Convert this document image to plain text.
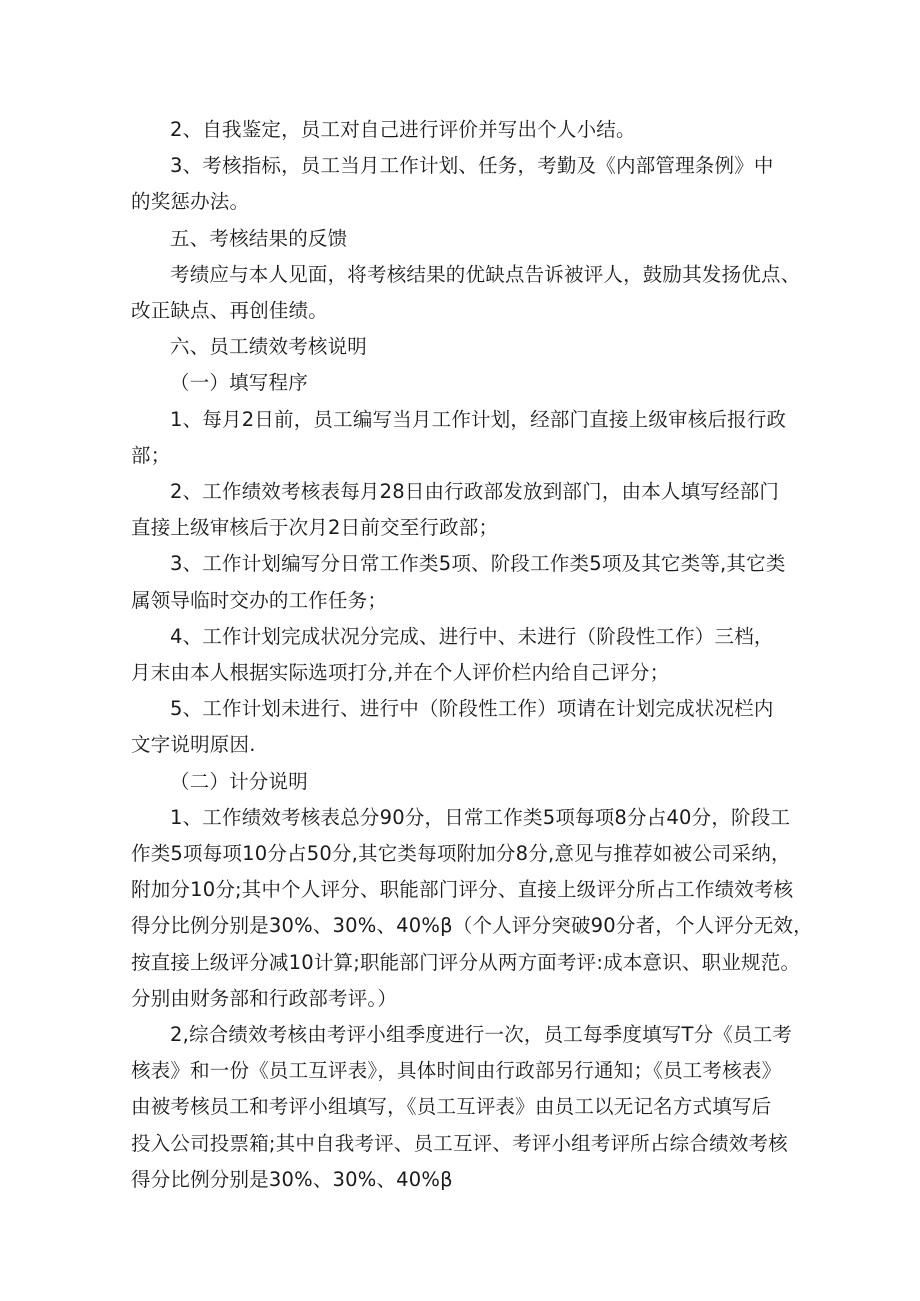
2、自我鉴定，员工对自己进行评价并写出个人小结。

3、考核指标，员工当月工作计划、任务，考勤及《内部管理条例》中
的奖惩办法。

五、考核结果的反馈

考绩应与本人见面，将考核结果的优缺点告诉被评人，鼓励其发扬优点、
改正缺点、再创佳绩。

六、员工绩效考核说明

（一）填写程序

1、每月2日前，员工编写当月工作计划，经部门直接上级审核后报行政
部；

2、工作绩效考核表每月28日由行政部发放到部门，由本人填写经部门
直接上级审核后于次月2日前交至行政部；

3、工作计划编写分日常工作类5项、阶段工作类5项及其它类等,其它类
属领导临时交办的工作任务；

4、工作计划完成状况分完成、进行中、未进行（阶段性工作）三档，
月末由本人根据实际选项打分,并在个人评价栏内给自己评分；

5、工作计划未进行、进行中（阶段性工作）项请在计划完成状况栏内
文字说明原因.

（二）计分说明

1、工作绩效考核表总分90分，日常工作类5项每项8分占40分，阶段工
作类5项每项10分占50分,其它类每项附加分8分,意见与推荐如被公司采纳，
附加分10分;其中个人评分、职能部门评分、直接上级评分所占工作绩效考核
得分比例分别是30%、30%、40%β（个人评分突破90分者，个人评分无效，
按直接上级评分减10计算;职能部门评分从两方面考评:成本意识、职业规范。
分别由财务部和行政部考评。）

2,综合绩效考核由考评小组季度进行一次，员工每季度填写T分《员工考
核表》和一份《员工互评表》，具体时间由行政部另行通知；《员工考核表》
由被考核员工和考评小组填写，《员工互评表》由员工以无记名方式填写后
投入公司投票箱;其中自我考评、员工互评、考评小组考评所占综合绩效考核
得分比例分别是30%、30%、40%β
